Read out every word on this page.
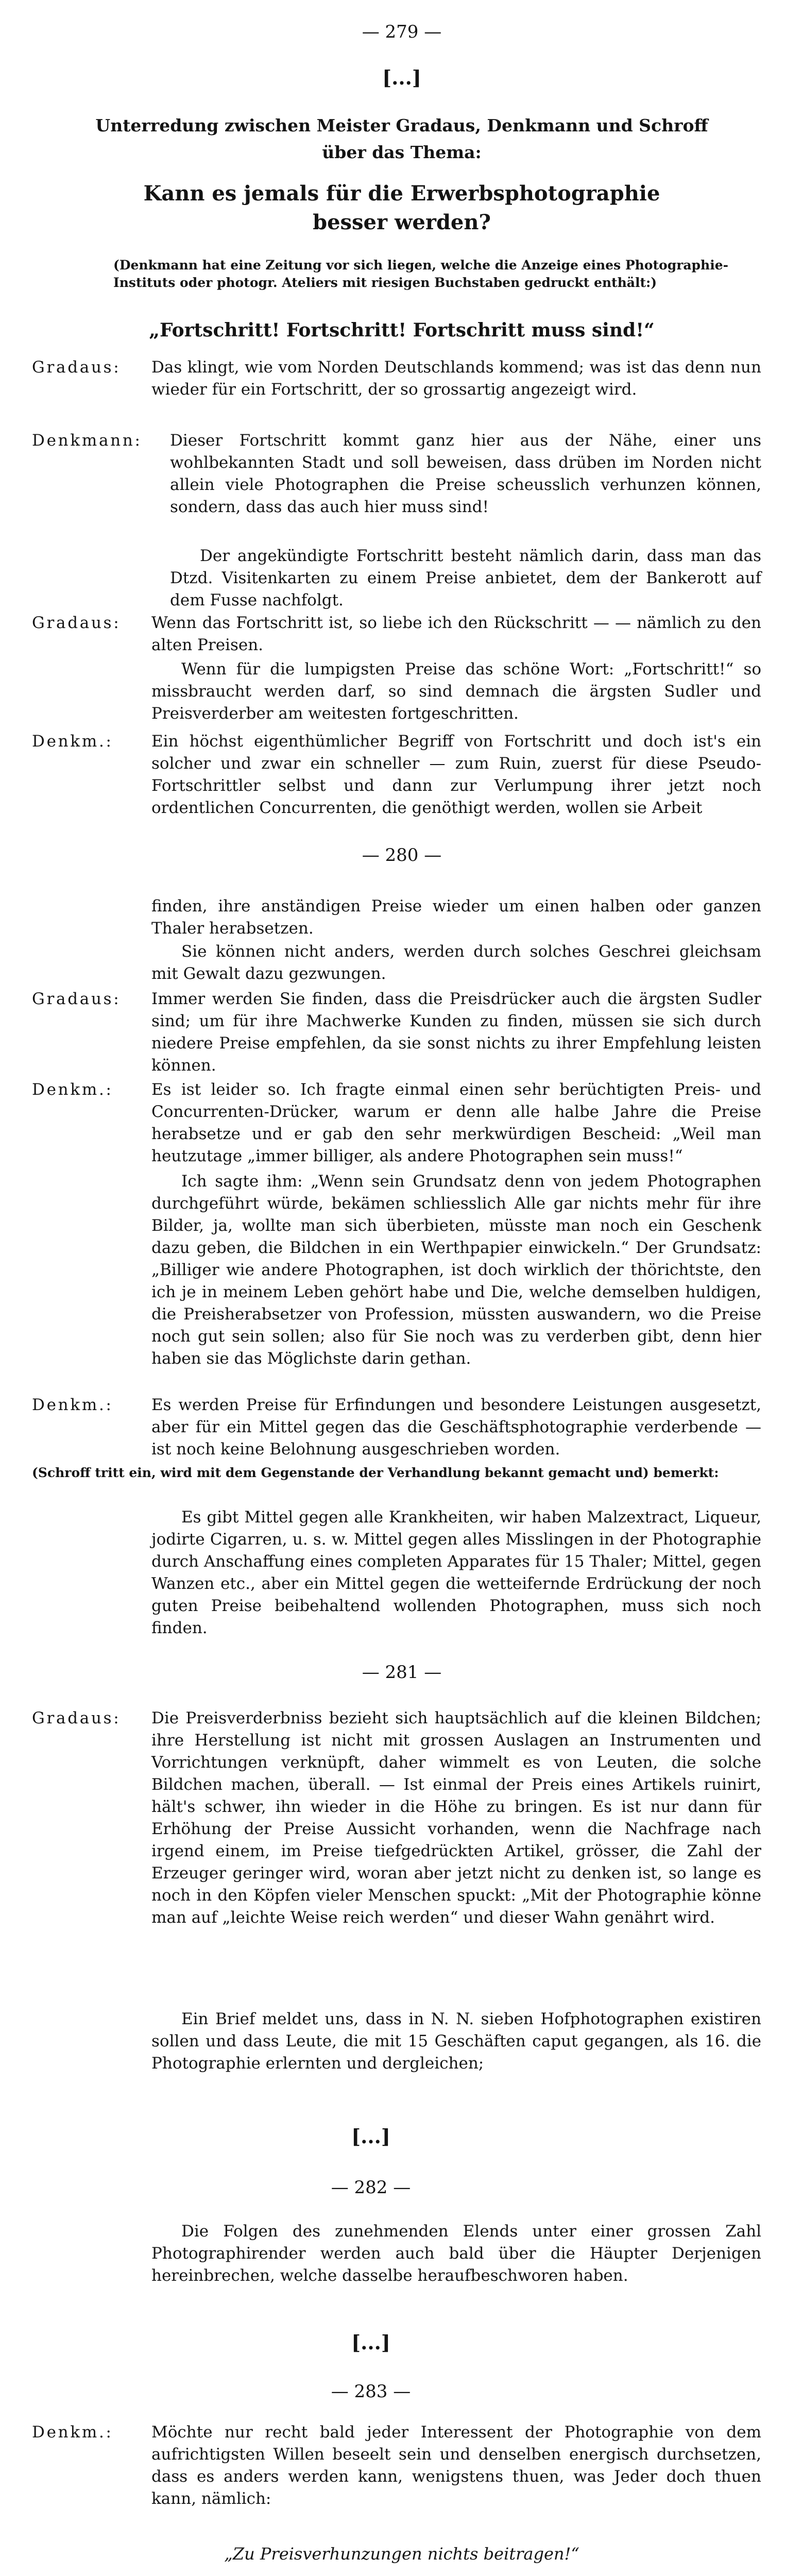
— 279 —
[...]
Unterredung zwischen Meister Gradaus, Denkmann und Schroff
über das Thema:
Kann es jemals für die Erwerbsphotographie
besser werden?
(Denkmann hat eine Zeitung vor sich liegen, welche die Anzeige eines Photographie-Instituts oder photogr. Ateliers mit riesigen Buchstaben gedruckt enthält:)
„Fortschritt! Fortschritt! Fortschritt muss sind!“
Gradaus: Das klingt, wie vom Norden Deutschlands kommend; was ist das denn nun wieder für ein Fortschritt, der so grossartig angezeigt wird.
Denkmann: Dieser Fortschritt kommt ganz hier aus der Nähe, einer uns wohlbekannten Stadt und soll beweisen, dass drüben im Norden nicht allein viele Photographen die Preise scheusslich verhunzen können, sondern, dass das auch hier muss sind!
Der angekündigte Fortschritt besteht nämlich darin, dass man das Dtzd. Visitenkarten zu einem Preise anbietet, dem der Bankerott auf dem Fusse nachfolgt.
Gradaus: Wenn das Fortschritt ist, so liebe ich den Rückschritt — — nämlich zu den alten Preisen.
Wenn für die lumpigsten Preise das schöne Wort: „Fortschritt!“ so missbraucht werden darf, so sind demnach die ärgsten Sudler und Preisverderber am weitesten fortgeschritten.
Denkm.: Ein höchst eigenthümlicher Begriff von Fortschritt und doch ist's ein solcher und zwar ein schneller — zum Ruin, zuerst für diese Pseudo-Fortschrittler selbst und dann zur Verlumpung ihrer jetzt noch ordentlichen Concurrenten, die genöthigt werden, wollen sie Arbeit
— 280 —
finden, ihre anständigen Preise wieder um einen halben oder ganzen Thaler herabsetzen.
Sie können nicht anders, werden durch solches Geschrei gleichsam mit Gewalt dazu gezwungen.
Gradaus: Immer werden Sie finden, dass die Preisdrücker auch die ärgsten Sudler sind; um für ihre Machwerke Kunden zu finden, müssen sie sich durch niedere Preise empfehlen, da sie sonst nichts zu ihrer Empfehlung leisten können.
Denkm.: Es ist leider so. Ich fragte einmal einen sehr berüchtigten Preis- und Concurrenten-Drücker, warum er denn alle halbe Jahre die Preise herabsetze und er gab den sehr merkwürdigen Bescheid: „Weil man heutzutage „immer billiger, als andere Photographen sein muss!“
Ich sagte ihm: „Wenn sein Grundsatz denn von jedem Photographen durchgeführt würde, bekämen schliesslich Alle gar nichts mehr für ihre Bilder, ja, wollte man sich überbieten, müsste man noch ein Geschenk dazu geben, die Bildchen in ein Werthpapier einwickeln.“ Der Grundsatz: „Billiger wie andere Photographen, ist doch wirklich der thörichtste, den ich je in meinem Leben gehört habe und Die, welche demselben huldigen, die Preisherabsetzer von Profession, müssten auswandern, wo die Preise noch gut sein sollen; also für Sie noch was zu verderben gibt, denn hier haben sie das Möglichste darin gethan.
Denkm.: Es werden Preise für Erfindungen und besondere Leistungen ausgesetzt, aber für ein Mittel gegen das die Geschäftsphotographie verderbende — ist noch keine Belohnung ausgeschrieben worden.
(Schroff tritt ein, wird mit dem Gegenstande der Verhandlung bekannt gemacht und) bemerkt:
Es gibt Mittel gegen alle Krankheiten, wir haben Malzextract, Liqueur, jodirte Cigarren, u. s. w. Mittel gegen alles Misslingen in der Photographie durch Anschaffung eines completen Apparates für 15 Thaler; Mittel, gegen Wanzen etc., aber ein Mittel gegen die wetteifernde Erdrückung der noch guten Preise beibehaltend wollenden Photographen, muss sich noch finden.
— 281 —
Gradaus: Die Preisverderbniss bezieht sich hauptsächlich auf die kleinen Bildchen; ihre Herstellung ist nicht mit grossen Auslagen an Instrumenten und Vorrichtungen verknüpft, daher wimmelt es von Leuten, die solche Bildchen machen, überall. — Ist einmal der Preis eines Artikels ruinirt, hält's schwer, ihn wieder in die Höhe zu bringen. Es ist nur dann für Erhöhung der Preise Aussicht vorhanden, wenn die Nachfrage nach irgend einem, im Preise tiefgedrückten Artikel, grösser, die Zahl der Erzeuger geringer wird, woran aber jetzt nicht zu denken ist, so lange es noch in den Köpfen vieler Menschen spuckt: „Mit der Photographie könne man auf „leichte Weise reich werden“ und dieser Wahn genährt wird.
Ein Brief meldet uns, dass in N. N. sieben Hofphotographen existiren sollen und dass Leute, die mit 15 Geschäften caput gegangen, als 16. die Photographie erlernten und dergleichen;
[...]
— 282 —
Die Folgen des zunehmenden Elends unter einer grossen Zahl Photographirender werden auch bald über die Häupter Derjenigen hereinbrechen, welche dasselbe heraufbeschworen haben.
[...]
— 283 —
Denkm.: Möchte nur recht bald jeder Interessent der Photographie von dem aufrichtigsten Willen beseelt sein und denselben energisch durchsetzen, dass es anders werden kann, wenigstens thuen, was Jeder doch thuen kann, nämlich:
„Zu Preisverhunzungen nichts beitragen!“
